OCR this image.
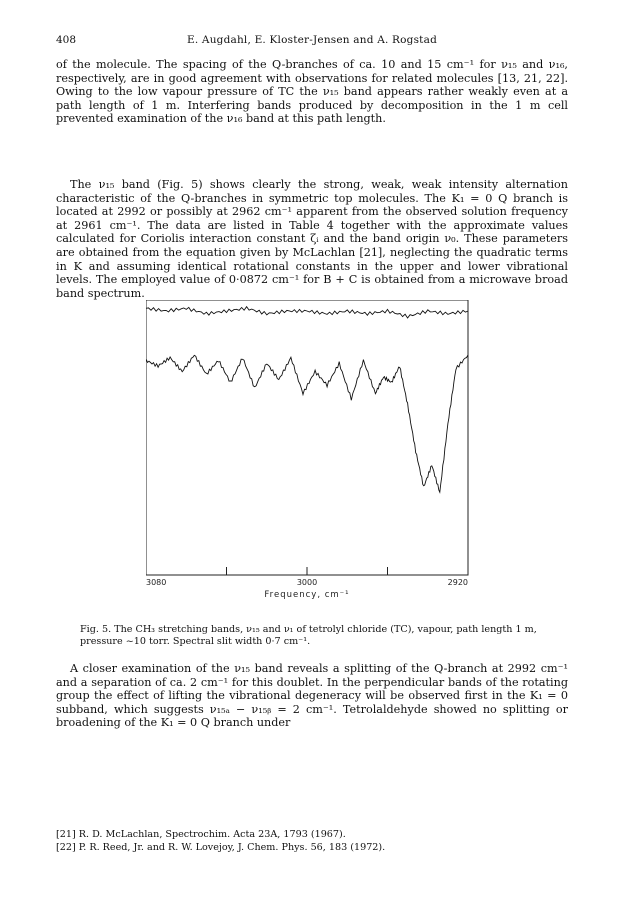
408	E. Augdahl, E. Kloster-Jensen and A. Rogstad

of the molecule. The spacing of the Q-branches of ca. 10 and 15 cm⁻¹ for ν₁₅ and ν₁₆, respectively, are in good agreement with observations for related molecules [13, 21, 22]. Owing to the low vapour pressure of TC the ν₁₅ band appears rather weakly even at a path length of 1 m. Interfering bands produced by decomposition in the 1 m cell prevented examination of the ν₁₆ band at this path length.

The ν₁₅ band (Fig. 5) shows clearly the strong, weak, weak intensity alternation characteristic of the Q-branches in symmetric top molecules. The K₁ = 0 Q branch is located at 2992 or possibly at 2962 cm⁻¹ apparent from the observed solution frequency at 2961 cm⁻¹. The data are listed in Table 4 together with the approximate values calculated for Coriolis interaction constant ζᵢ and the band origin ν₀. These parameters are obtained from the equation given by McLachlan [21], neglecting the quadratic terms in K and assuming identical rotational constants in the upper and lower vibrational levels. The employed value of 0·0872 cm⁻¹ for B + C is obtained from a microwave broad band spectrum.

3080	3000	2920
Frequency, cm⁻¹

Fig. 5. The CH₃ stretching bands, ν₁₅ and ν₁ of tetrolyl chloride (TC), vapour, path length 1 m, pressure ~10 torr. Spectral slit width 0·7 cm⁻¹.

A closer examination of the ν₁₅ band reveals a splitting of the Q-branch at 2992 cm⁻¹ and a separation of ca. 2 cm⁻¹ for this doublet. In the perpendicular bands of the rotating group the effect of lifting the vibrational degeneracy will be observed first in the K₁ = 0 subband, which suggests ν₁₅ₐ − ν₁₅ᵦ = 2 cm⁻¹. Tetrolaldehyde showed no splitting or broadening of the K₁ = 0 Q branch under

[21] R. D. McLachlan, Spectrochim. Acta 23A, 1793 (1967).
[22] P. R. Reed, Jr. and R. W. Lovejoy, J. Chem. Phys. 56, 183 (1972).
